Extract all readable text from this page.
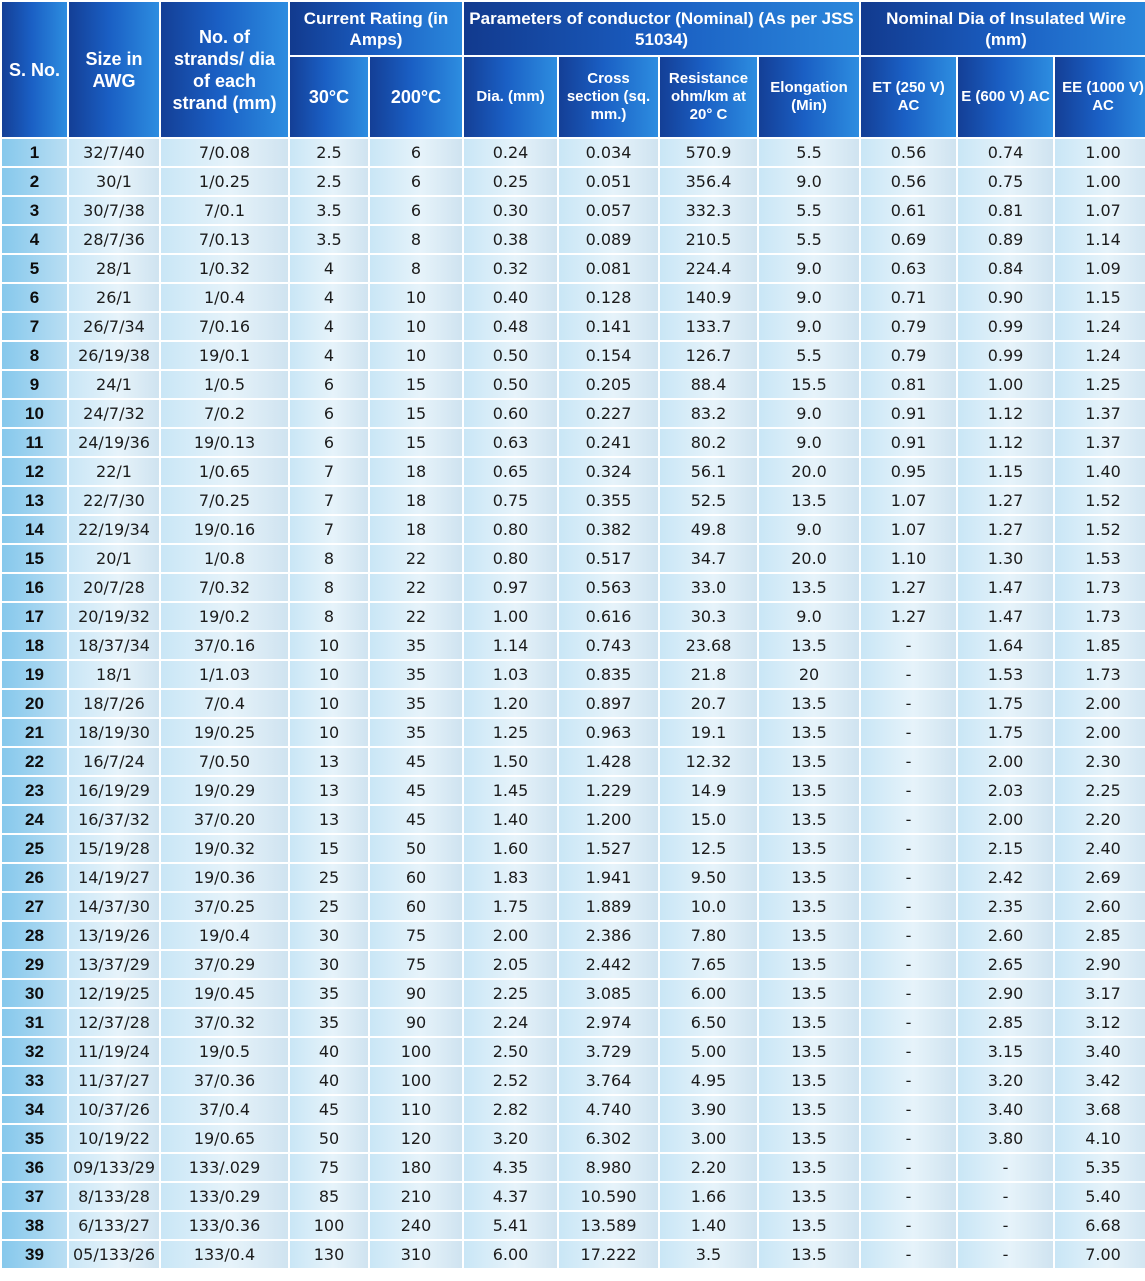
S. No.	Size in AWG	No. of strands/ dia of each strand (mm)	Current Rating (in Amps)		Parameters of conductor (Nominal) (As per JSS 51034)				Nominal Dia of Insulated Wire (mm)		
			30°C	200°C	Dia. (mm)	Cross section (sq. mm.)	Resistance ohm/km at 20° C	Elongation (Min)	ET (250 V) AC	E (600 V) AC	EE (1000 V) AC
1	32/7/40	7/0.08	2.5	6	0.24	0.034	570.9	5.5	0.56	0.74	1.00
2	30/1	1/0.25	2.5	6	0.25	0.051	356.4	9.0	0.56	0.75	1.00
3	30/7/38	7/0.1	3.5	6	0.30	0.057	332.3	5.5	0.61	0.81	1.07
4	28/7/36	7/0.13	3.5	8	0.38	0.089	210.5	5.5	0.69	0.89	1.14
5	28/1	1/0.32	4	8	0.32	0.081	224.4	9.0	0.63	0.84	1.09
6	26/1	1/0.4	4	10	0.40	0.128	140.9	9.0	0.71	0.90	1.15
7	26/7/34	7/0.16	4	10	0.48	0.141	133.7	9.0	0.79	0.99	1.24
8	26/19/38	19/0.1	4	10	0.50	0.154	126.7	5.5	0.79	0.99	1.24
9	24/1	1/0.5	6	15	0.50	0.205	88.4	15.5	0.81	1.00	1.25
10	24/7/32	7/0.2	6	15	0.60	0.227	83.2	9.0	0.91	1.12	1.37
11	24/19/36	19/0.13	6	15	0.63	0.241	80.2	9.0	0.91	1.12	1.37
12	22/1	1/0.65	7	18	0.65	0.324	56.1	20.0	0.95	1.15	1.40
13	22/7/30	7/0.25	7	18	0.75	0.355	52.5	13.5	1.07	1.27	1.52
14	22/19/34	19/0.16	7	18	0.80	0.382	49.8	9.0	1.07	1.27	1.52
15	20/1	1/0.8	8	22	0.80	0.517	34.7	20.0	1.10	1.30	1.53
16	20/7/28	7/0.32	8	22	0.97	0.563	33.0	13.5	1.27	1.47	1.73
17	20/19/32	19/0.2	8	22	1.00	0.616	30.3	9.0	1.27	1.47	1.73
18	18/37/34	37/0.16	10	35	1.14	0.743	23.68	13.5	-	1.64	1.85
19	18/1	1/1.03	10	35	1.03	0.835	21.8	20	-	1.53	1.73
20	18/7/26	7/0.4	10	35	1.20	0.897	20.7	13.5	-	1.75	2.00
21	18/19/30	19/0.25	10	35	1.25	0.963	19.1	13.5	-	1.75	2.00
22	16/7/24	7/0.50	13	45	1.50	1.428	12.32	13.5	-	2.00	2.30
23	16/19/29	19/0.29	13	45	1.45	1.229	14.9	13.5	-	2.03	2.25
24	16/37/32	37/0.20	13	45	1.40	1.200	15.0	13.5	-	2.00	2.20
25	15/19/28	19/0.32	15	50	1.60	1.527	12.5	13.5	-	2.15	2.40
26	14/19/27	19/0.36	25	60	1.83	1.941	9.50	13.5	-	2.42	2.69
27	14/37/30	37/0.25	25	60	1.75	1.889	10.0	13.5	-	2.35	2.60
28	13/19/26	19/0.4	30	75	2.00	2.386	7.80	13.5	-	2.60	2.85
29	13/37/29	37/0.29	30	75	2.05	2.442	7.65	13.5	-	2.65	2.90
30	12/19/25	19/0.45	35	90	2.25	3.085	6.00	13.5	-	2.90	3.17
31	12/37/28	37/0.32	35	90	2.24	2.974	6.50	13.5	-	2.85	3.12
32	11/19/24	19/0.5	40	100	2.50	3.729	5.00	13.5	-	3.15	3.40
33	11/37/27	37/0.36	40	100	2.52	3.764	4.95	13.5	-	3.20	3.42
34	10/37/26	37/0.4	45	110	2.82	4.740	3.90	13.5	-	3.40	3.68
35	10/19/22	19/0.65	50	120	3.20	6.302	3.00	13.5	-	3.80	4.10
36	09/133/29	133/.029	75	180	4.35	8.980	2.20	13.5	-	-	5.35
37	8/133/28	133/0.29	85	210	4.37	10.590	1.66	13.5	-	-	5.40
38	6/133/27	133/0.36	100	240	5.41	13.589	1.40	13.5	-	-	6.68
39	05/133/26	133/0.4	130	310	6.00	17.222	3.5	13.5	-	-	7.00
